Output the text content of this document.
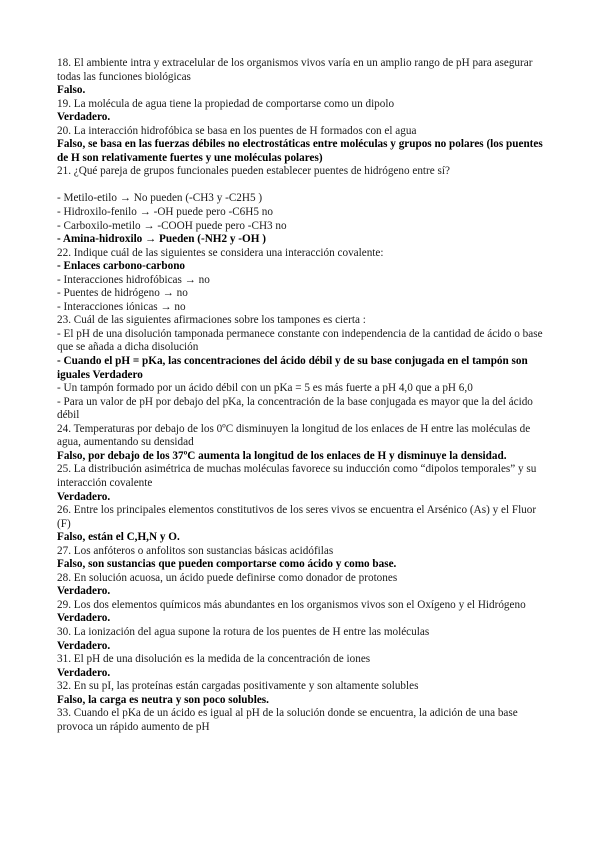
18. El ambiente intra y extracelular de los organismos vivos varía en un amplio rango de pH para asegurar todas las funciones biológicas
Falso.
19. La molécula de agua tiene la propiedad de comportarse como un dipolo
Verdadero.
20. La interacción hidrofóbica se basa en los puentes de H formados con el agua
Falso, se basa en las fuerzas débiles no electrostáticas entre moléculas y grupos no polares (los puentes de H son relativamente fuertes y une moléculas polares)
21. ¿Qué pareja de grupos funcionales pueden establecer puentes de hidrógeno entre sí?
- Metilo-etilo → No pueden (-CH3 y -C2H5 )
- Hidroxilo-fenilo → -OH puede pero -C6H5 no
- Carboxilo-metilo → -COOH puede pero -CH3 no
- Amina-hidroxilo → Pueden (-NH2 y -OH )
22. Indique cuál de las siguientes se considera una interacción covalente:
- Enlaces carbono-carbono
- Interacciones hidrofóbicas → no
- Puentes de hidrógeno → no
- Interacciones iónicas → no
23. Cuál de las siguientes afirmaciones sobre los tampones es cierta :
- El pH de una disolución tamponada permanece constante con independencia de la cantidad de ácido o base que se añada a dicha disolución
- Cuando el pH = pKa, las concentraciones del ácido débil y de su base conjugada en el tampón son iguales Verdadero
- Un tampón formado por un ácido débil con un pKa = 5 es más fuerte a pH 4,0 que a pH 6,0
- Para un valor de pH por debajo del pKa, la concentración de la base conjugada es mayor que la del ácido débil
24. Temperaturas por debajo de los 0ºC disminuyen la longitud de los enlaces de H entre las moléculas de agua, aumentando su densidad
Falso, por debajo de los 37ºC aumenta la longitud de los enlaces de H y disminuye la densidad.
25. La distribución asimétrica de muchas moléculas favorece su inducción como “dipolos temporales” y su interacción covalente
Verdadero.
26. Entre los principales elementos constitutivos de los seres vivos se encuentra el Arsénico (As) y el Fluor (F)
Falso, están el C,H,N y O.
27. Los anfóteros o anfolitos son sustancias básicas acidófilas
Falso, son sustancias que pueden comportarse como ácido y como base.
28. En solución acuosa, un ácido puede definirse como donador de protones
Verdadero.
29. Los dos elementos químicos más abundantes en los organismos vivos son el Oxígeno y el Hidrógeno
Verdadero.
30. La ionización del agua supone la rotura de los puentes de H entre las moléculas
Verdadero.
31. El pH de una disolución es la medida de la concentración de iones
Verdadero.
32. En su pI, las proteínas están cargadas positivamente y son altamente solubles
Falso, la carga es neutra y son poco solubles.
33. Cuando el pKa de un ácido es igual al pH de la solución donde se encuentra, la adición de una base provoca un rápido aumento de pH
